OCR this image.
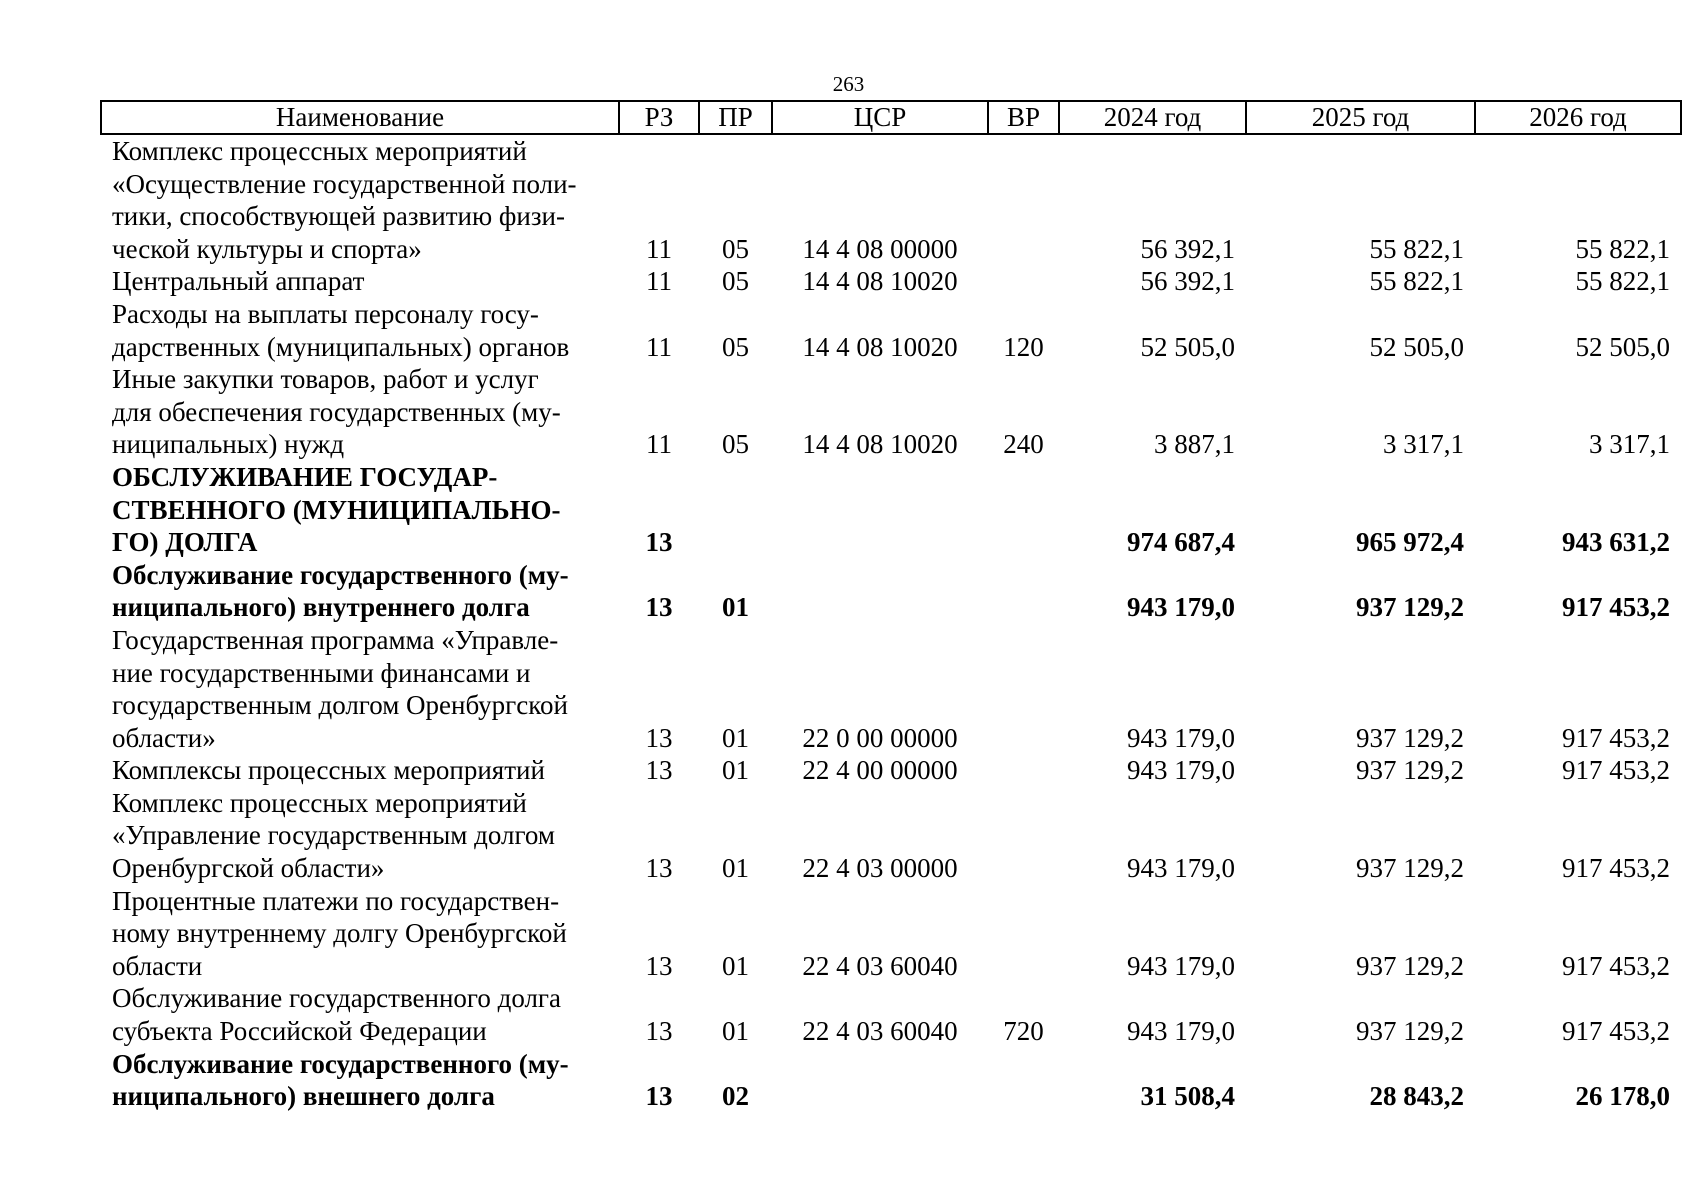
263
Наименование	РЗ	ПР	ЦСР	ВР	2024 год	2025 год	2026 год

Комплекс процессных мероприятий
«Осуществление государственной поли-
тики, способствующей развитию физи-
ческой культуры и спорта»	11	05	14 4 08 00000		56 392,1	55 822,1	55 822,1

Центральный аппарат	11	05	14 4 08 10020		56 392,1	55 822,1	55 822,1

Расходы на выплаты персоналу госу-
дарственных (муниципальных) органов	11	05	14 4 08 10020	120	52 505,0	52 505,0	52 505,0

Иные закупки товаров, работ и услуг
для обеспечения государственных (му-
ниципальных) нужд	11	05	14 4 08 10020	240	3 887,1	3 317,1	3 317,1

ОБСЛУЖИВАНИЕ ГОСУДАР-
СТВЕННОГО (МУНИЦИПАЛЬНО-
ГО) ДОЛГА	13				974 687,4	965 972,4	943 631,2

Обслуживание государственного (му-
ниципального) внутреннего долга	13	01			943 179,0	937 129,2	917 453,2

Государственная программа «Управле-
ние государственными финансами и
государственным долгом Оренбургской
области»	13	01	22 0 00 00000		943 179,0	937 129,2	917 453,2

Комплексы процессных мероприятий	13	01	22 4 00 00000		943 179,0	937 129,2	917 453,2

Комплекс процессных мероприятий
«Управление государственным долгом
Оренбургской области»	13	01	22 4 03 00000		943 179,0	937 129,2	917 453,2

Процентные платежи по государствен-
ному внутреннему долгу Оренбургской
области	13	01	22 4 03 60040		943 179,0	937 129,2	917 453,2

Обслуживание государственного долга
субъекта Российской Федерации	13	01	22 4 03 60040	720	943 179,0	937 129,2	917 453,2

Обслуживание государственного (му-
ниципального) внешнего долга	13	02			31 508,4	28 843,2	26 178,0
